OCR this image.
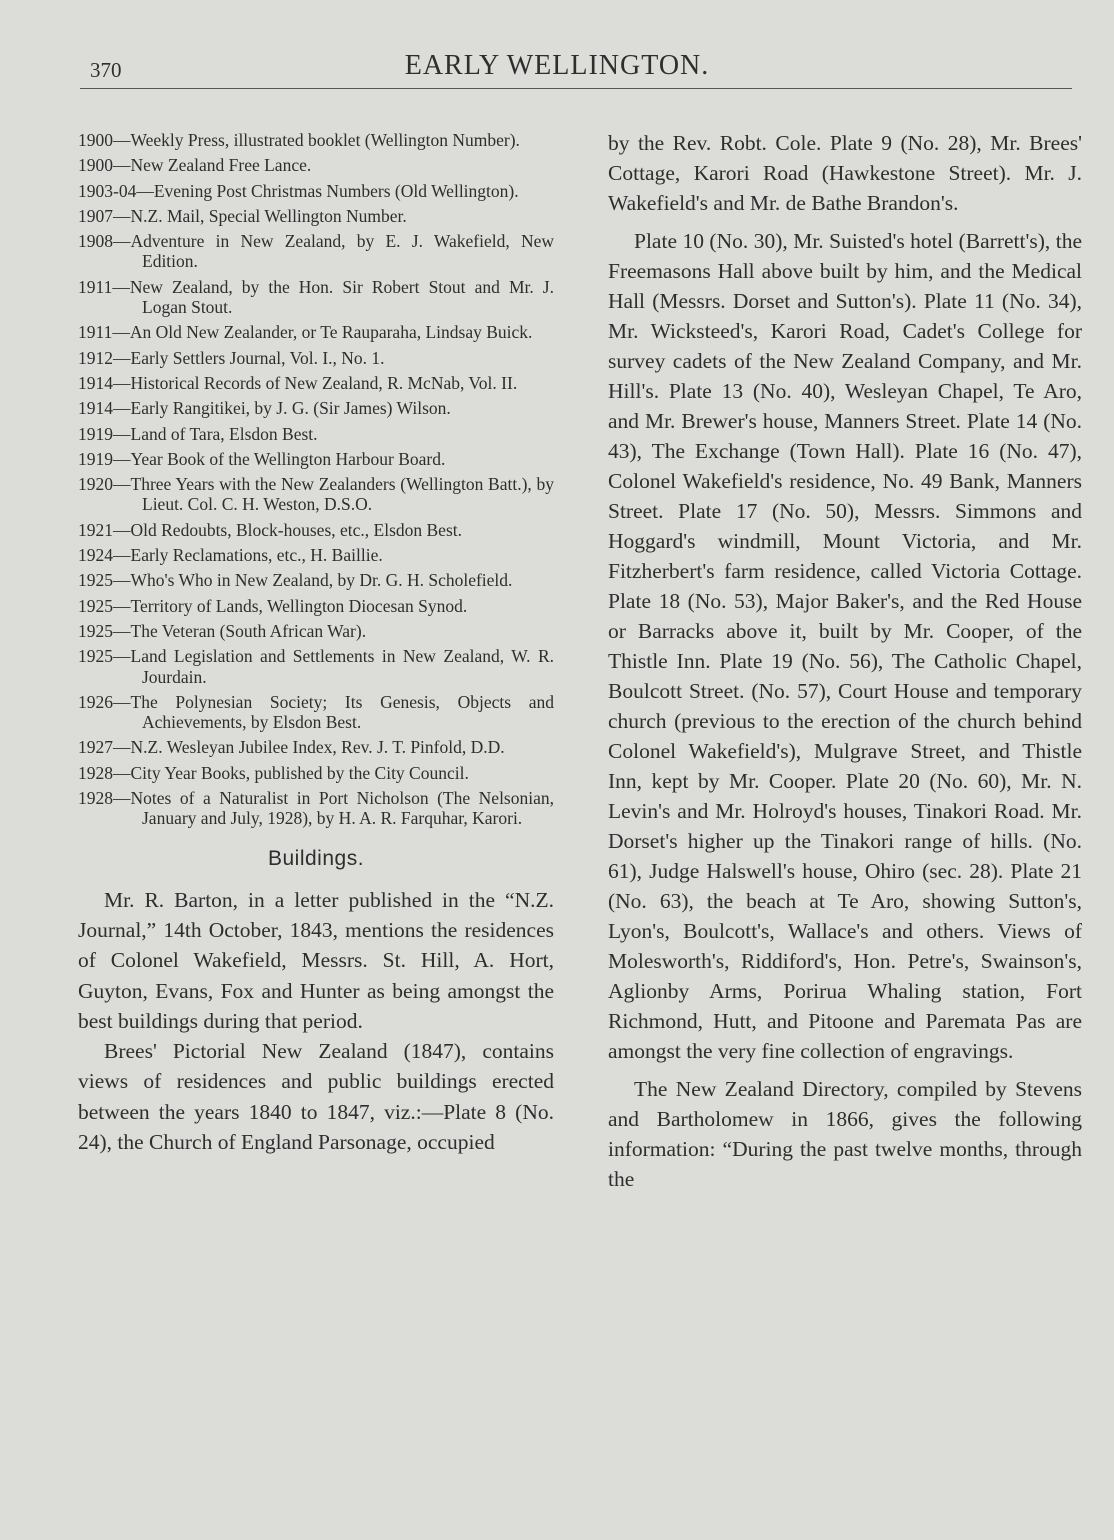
370	EARLY WELLINGTON.
1900—Weekly Press, illustrated booklet (Wellington Number).
1900—New Zealand Free Lance.
1903-04—Evening Post Christmas Numbers (Old Wellington).
1907—N.Z. Mail, Special Wellington Number.
1908—Adventure in New Zealand, by E. J. Wakefield, New Edition.
1911—New Zealand, by the Hon. Sir Robert Stout and Mr. J. Logan Stout.
1911—An Old New Zealander, or Te Rauparaha, Lindsay Buick.
1912—Early Settlers Journal, Vol. I., No. 1.
1914—Historical Records of New Zealand, R. McNab, Vol. II.
1914—Early Rangitikei, by J. G. (Sir James) Wilson.
1919—Land of Tara, Elsdon Best.
1919—Year Book of the Wellington Harbour Board.
1920—Three Years with the New Zealanders (Wellington Batt.), by Lieut. Col. C. H. Weston, D.S.O.
1921—Old Redoubts, Block-houses, etc., Elsdon Best.
1924—Early Reclamations, etc., H. Baillie.
1925—Who's Who in New Zealand, by Dr. G. H. Scholefield.
1925—Territory of Lands, Wellington Diocesan Synod.
1925—The Veteran (South African War).
1925—Land Legislation and Settlements in New Zealand, W. R. Jourdain.
1926—The Polynesian Society; Its Genesis, Objects and Achievements, by Elsdon Best.
1927—N.Z. Wesleyan Jubilee Index, Rev. J. T. Pinfold, D.D.
1928—City Year Books, published by the City Council.
1928—Notes of a Naturalist in Port Nicholson (The Nelsonian, January and July, 1928), by H. A. R. Farquhar, Karori.
Buildings.

Mr. R. Barton, in a letter published in the “N.Z. Journal,” 14th October, 1843, mentions the residences of Colonel Wakefield, Messrs. St. Hill, A. Hort, Guyton, Evans, Fox and Hunter as being amongst the best buildings during that period.

Brees' Pictorial New Zealand (1847), contains views of residences and public buildings erected between the years 1840 to 1847, viz.:—Plate 8 (No. 24), the Church of England Parsonage, occupied

by the Rev. Robt. Cole. Plate 9 (No. 28), Mr. Brees' Cottage, Karori Road (Hawkestone Street). Mr. J. Wakefield's and Mr. de Bathe Brandon's.

Plate 10 (No. 30), Mr. Suisted's hotel (Barrett's), the Freemasons Hall above built by him, and the Medical Hall (Messrs. Dorset and Sutton's). Plate 11 (No. 34), Mr. Wicksteed's, Karori Road, Cadet's College for survey cadets of the New Zealand Company, and Mr. Hill's. Plate 13 (No. 40), Wesleyan Chapel, Te Aro, and Mr. Brewer's house, Manners Street. Plate 14 (No. 43), The Exchange (Town Hall). Plate 16 (No. 47), Colonel Wakefield's residence, No. 49 Bank, Manners Street. Plate 17 (No. 50), Messrs. Simmons and Hoggard's windmill, Mount Victoria, and Mr. Fitzherbert's farm residence, called Victoria Cottage. Plate 18 (No. 53), Major Baker's, and the Red House or Barracks above it, built by Mr. Cooper, of the Thistle Inn. Plate 19 (No. 56), The Catholic Chapel, Boulcott Street. (No. 57), Court House and temporary church (previous to the erection of the church behind Colonel Wakefield's), Mulgrave Street, and Thistle Inn, kept by Mr. Cooper. Plate 20 (No. 60), Mr. N. Levin's and Mr. Holroyd's houses, Tinakori Road. Mr. Dorset's higher up the Tinakori range of hills. (No. 61), Judge Halswell's house, Ohiro (sec. 28). Plate 21 (No. 63), the beach at Te Aro, showing Sutton's, Lyon's, Boulcott's, Wallace's and others. Views of Molesworth's, Riddiford's, Hon. Petre's, Swainson's, Aglionby Arms, Porirua Whaling station, Fort Richmond, Hutt, and Pitoone and Paremata Pas are amongst the very fine collection of engravings.

The New Zealand Directory, compiled by Stevens and Bartholomew in 1866, gives the following information: “During the past twelve months, through the
